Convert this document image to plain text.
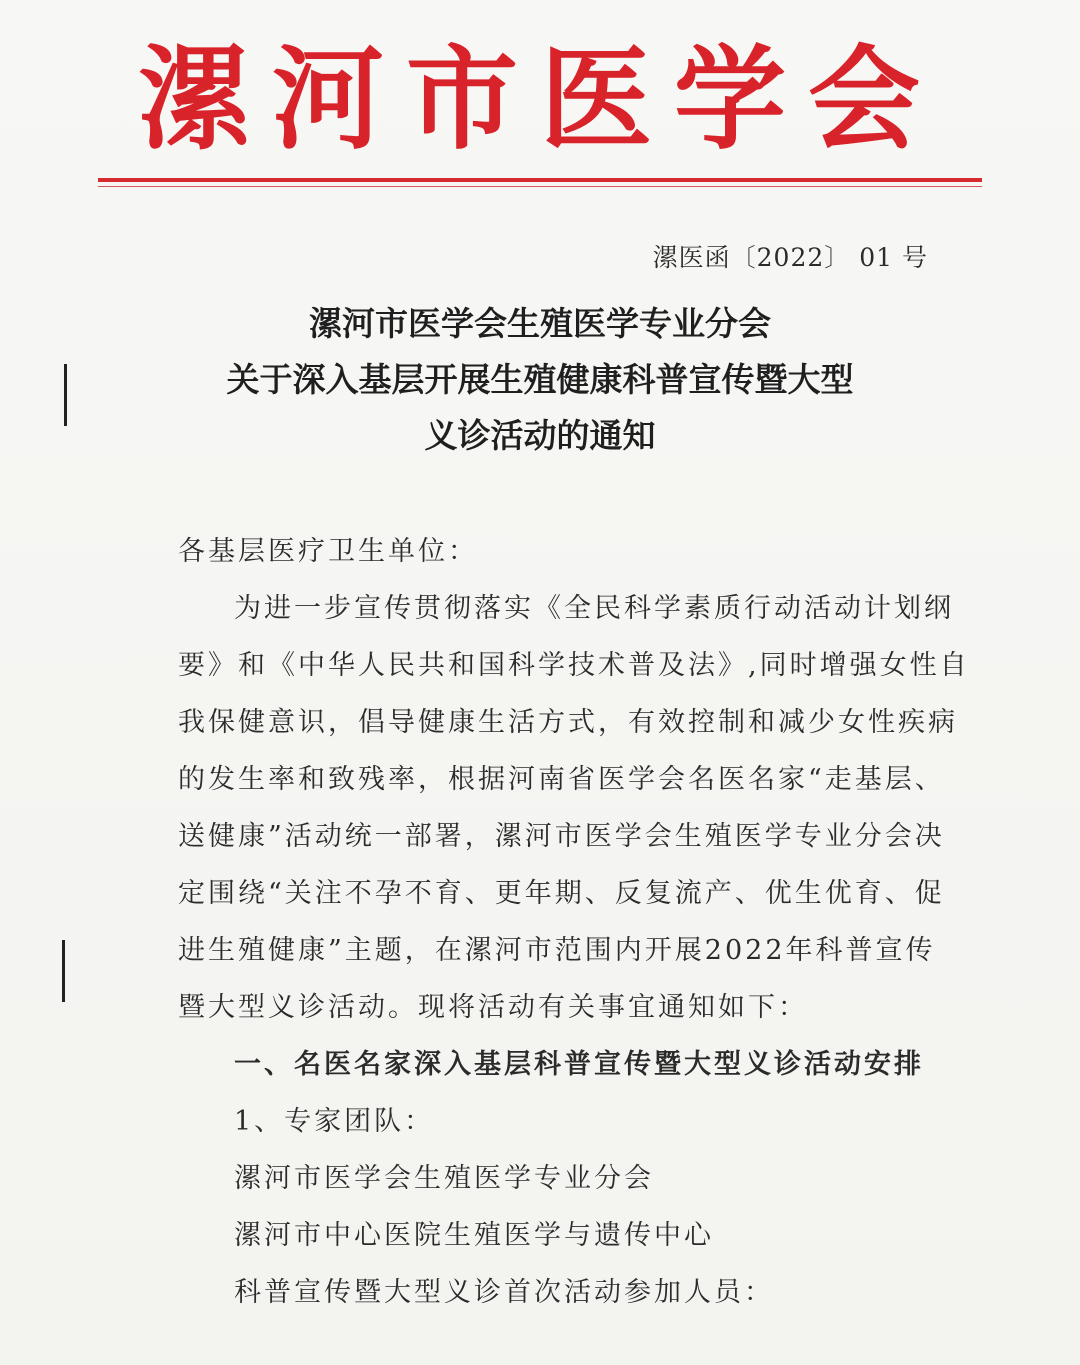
漯河市医学会
漯医函〔2022〕 01 号
漯河市医学会生殖医学专业分会
关于深入基层开展生殖健康科普宣传暨大型
义诊活动的通知
各基层医疗卫生单位：
为进一步宣传贯彻落实《全民科学素质行动活动计划纲
要》和《中华人民共和国科学技术普及法》,同时增强女性自
我保健意识，倡导健康生活方式，有效控制和减少女性疾病
的发生率和致残率，根据河南省医学会名医名家“走基层、
送健康”活动统一部署，漯河市医学会生殖医学专业分会决
定围绕“关注不孕不育、更年期、反复流产、优生优育、促
进生殖健康”主题，在漯河市范围内开展2022年科普宣传
暨大型义诊活动。现将活动有关事宜通知如下：
一、名医名家深入基层科普宣传暨大型义诊活动安排
1、专家团队：
漯河市医学会生殖医学专业分会
漯河市中心医院生殖医学与遗传中心
科普宣传暨大型义诊首次活动参加人员：
